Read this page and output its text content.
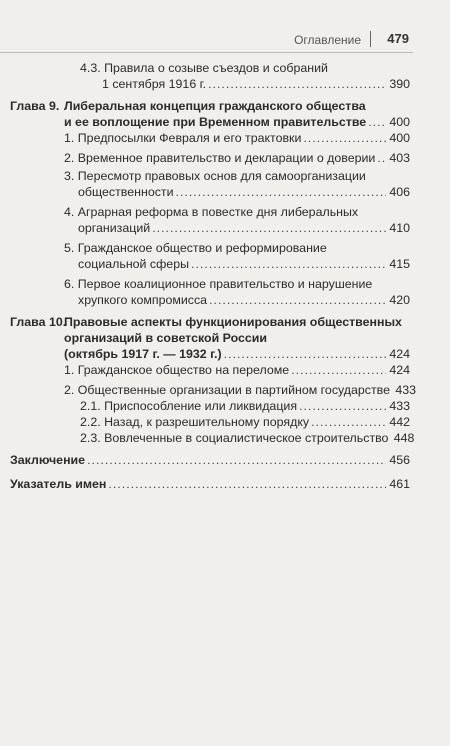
Оглавление 479
4.3. Правила о созыве съездов и собраний
1 сентября 1916 г. .....	390
Глава 9. Либеральная концепция гражданского общества
и ее воплощение при Временном правительстве ..... 400
1. Предпосылки Февраля и его трактовки .....	400
2. Временное правительство и декларации о доверии ..... 403
3. Пересмотр правовых основ для самоорганизации
общественности .....	406
4. Аграрная реформа в повестке дня либеральных
организаций .....	410
5. Гражданское общество и реформирование
социальной сферы .....	415
6. Первое коалиционное правительство и нарушение
хрупкого компромисса .....	420
Глава 10.
Правовые аспекты функционирования общественных
организаций в советской России
(октябрь 1917 г. — 1932 г.) .....	424
1. Гражданское общество на переломе .....	424
2. Общественные организации в партийном государстве 433
2.1. Приспособление или ликвидация .....	433
2.2. Назад, к разрешительному порядку .....	442
2.3. Вовлеченные в социалистическое строительство 448
Заключение .....	456
Указатель имен .....	461
